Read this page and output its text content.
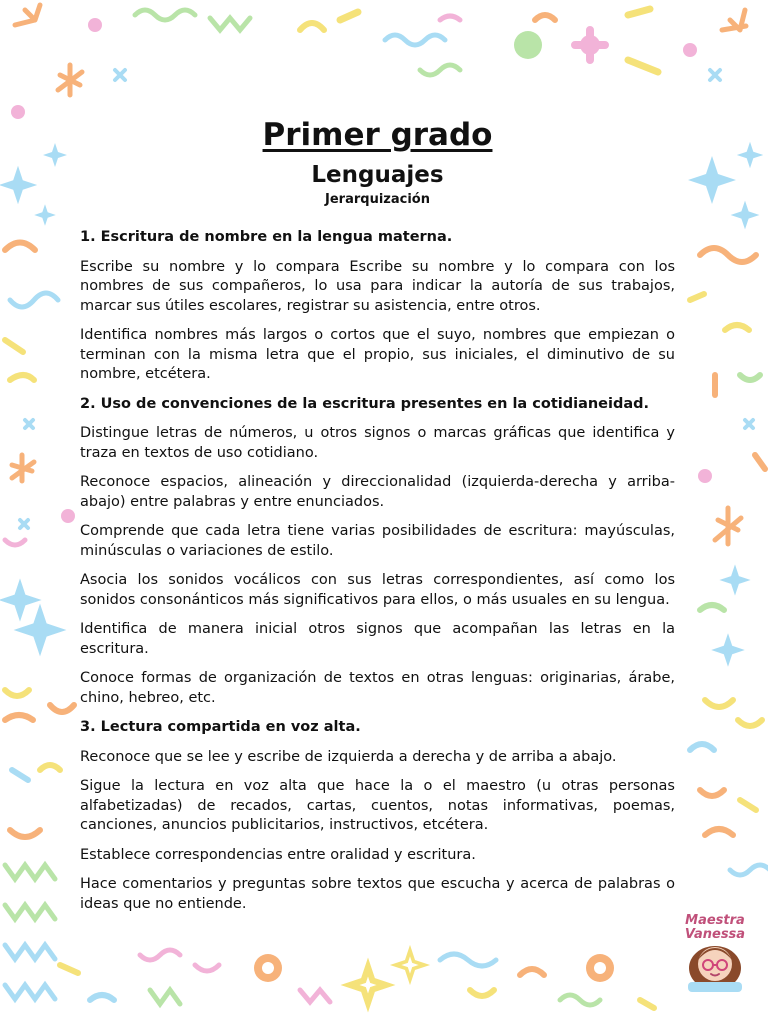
Primer grado
Lenguajes
Jerarquización
1. Escritura de nombre en la lengua materna.

Escribe su nombre y lo compara Escribe su nombre y lo compara con los nombres de sus compañeros, lo usa para indicar la autoría de sus trabajos, marcar sus útiles escolares, registrar su asistencia, entre otros.

Identifica nombres más largos o cortos que el suyo, nombres que empiezan o terminan con la misma letra que el propio, sus iniciales, el diminutivo de su nombre, etcétera.

2. Uso de convenciones de la escritura presentes en la cotidianeidad.

Distingue letras de números, u otros signos o marcas gráficas que identifica y traza en textos de uso cotidiano.

Reconoce espacios, alineación y direccionalidad (izquierda-derecha y arriba-abajo) entre palabras y entre enunciados.

Comprende que cada letra tiene varias posibilidades de escritura: mayúsculas, minúsculas o variaciones de estilo.

Asocia los sonidos vocálicos con sus letras correspondientes, así como los sonidos consonánticos más significativos para ellos, o más usuales en su lengua.

Identifica de manera inicial otros signos que acompañan las letras en la escritura.

Conoce formas de organización de textos en otras lenguas: originarias, árabe, chino, hebreo, etc.

3. Lectura compartida en voz alta.

Reconoce que se lee y escribe de izquierda a derecha y de arriba a abajo.

Sigue la lectura en voz alta que hace la o el maestro (u otras personas alfabetizadas) de recados, cartas, cuentos, notas informativas, poemas, canciones, anuncios publicitarios, instructivos, etcétera.

Establece correspondencias entre oralidad y escritura.

Hace comentarios y preguntas sobre textos que escucha y acerca de palabras o ideas que no entiende.

Maestra
Vanessa
